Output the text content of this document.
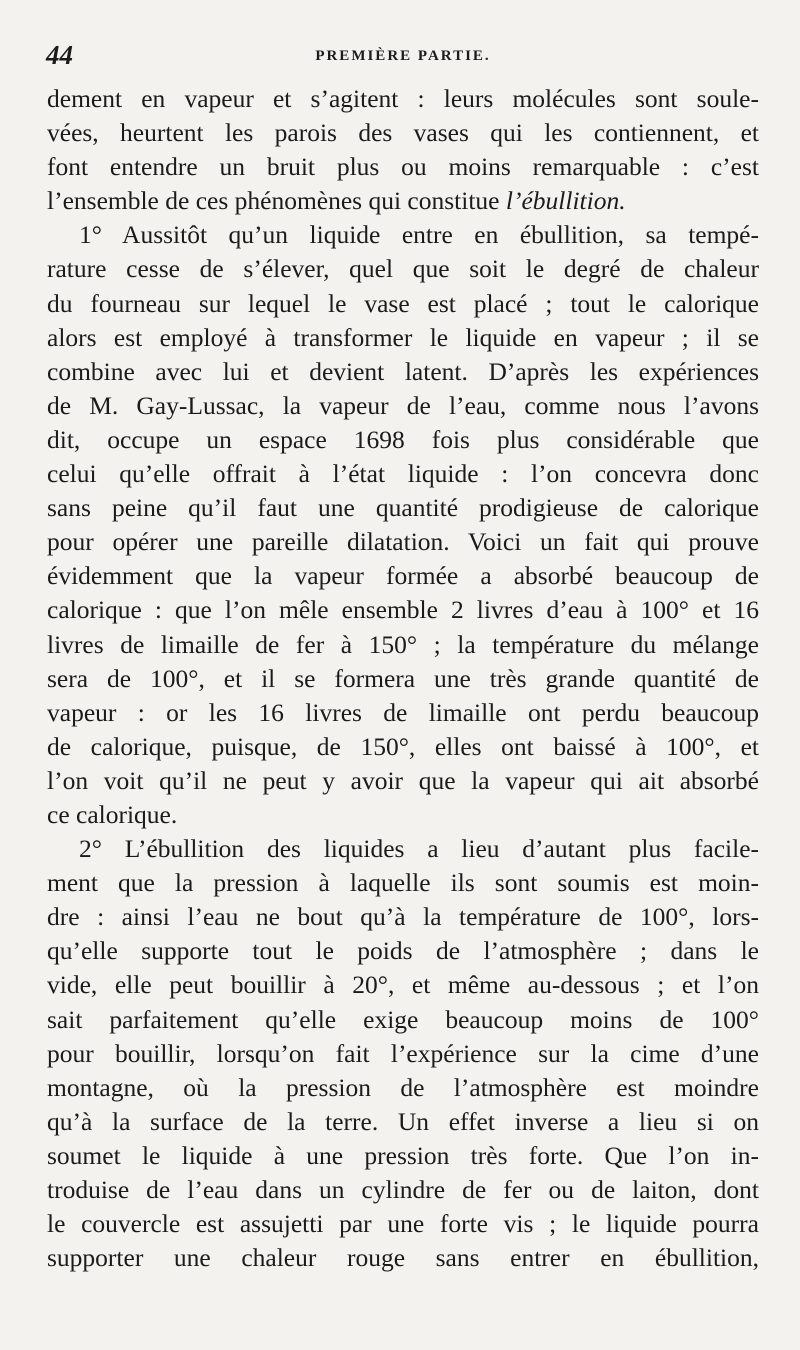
44	PREMIÈRE PARTIE.
dement en vapeur et s’agitent : leurs molécules sont soule-
vées, heurtent les parois des vases qui les contiennent, et
font entendre un bruit plus ou moins remarquable : c’est
l’ensemble de ces phénomènes qui constitue l’ébullition.
1° Aussitôt qu’un liquide entre en ébullition, sa tempé-
rature cesse de s’élever, quel que soit le degré de chaleur
du fourneau sur lequel le vase est placé ; tout le calorique
alors est employé à transformer le liquide en vapeur ; il se
combine avec lui et devient latent. D’après les expériences
de M. Gay-Lussac, la vapeur de l’eau, comme nous l’avons
dit, occupe un espace 1698 fois plus considérable que
celui qu’elle offrait à l’état liquide : l’on concevra donc
sans peine qu’il faut une quantité prodigieuse de calorique
pour opérer une pareille dilatation. Voici un fait qui prouve
évidemment que la vapeur formée a absorbé beaucoup de
calorique : que l’on mêle ensemble 2 livres d’eau à 100° et 16
livres de limaille de fer à 150° ; la température du mélange
sera de 100°, et il se formera une très grande quantité de
vapeur : or les 16 livres de limaille ont perdu beaucoup
de calorique, puisque, de 150°, elles ont baissé à 100°, et
l’on voit qu’il ne peut y avoir que la vapeur qui ait absorbé
ce calorique.
2° L’ébullition des liquides a lieu d’autant plus facile-
ment que la pression à laquelle ils sont soumis est moin-
dre : ainsi l’eau ne bout qu’à la température de 100°, lors-
qu’elle supporte tout le poids de l’atmosphère ; dans le
vide, elle peut bouillir à 20°, et même au-dessous ; et l’on
sait parfaitement qu’elle exige beaucoup moins de 100°
pour bouillir, lorsqu’on fait l’expérience sur la cime d’une
montagne, où la pression de l’atmosphère est moindre
qu’à la surface de la terre. Un effet inverse a lieu si on
soumet le liquide à une pression très forte. Que l’on in-
troduise de l’eau dans un cylindre de fer ou de laiton, dont
le couvercle est assujetti par une forte vis ; le liquide pourra
supporter une chaleur rouge sans entrer en ébullition,
